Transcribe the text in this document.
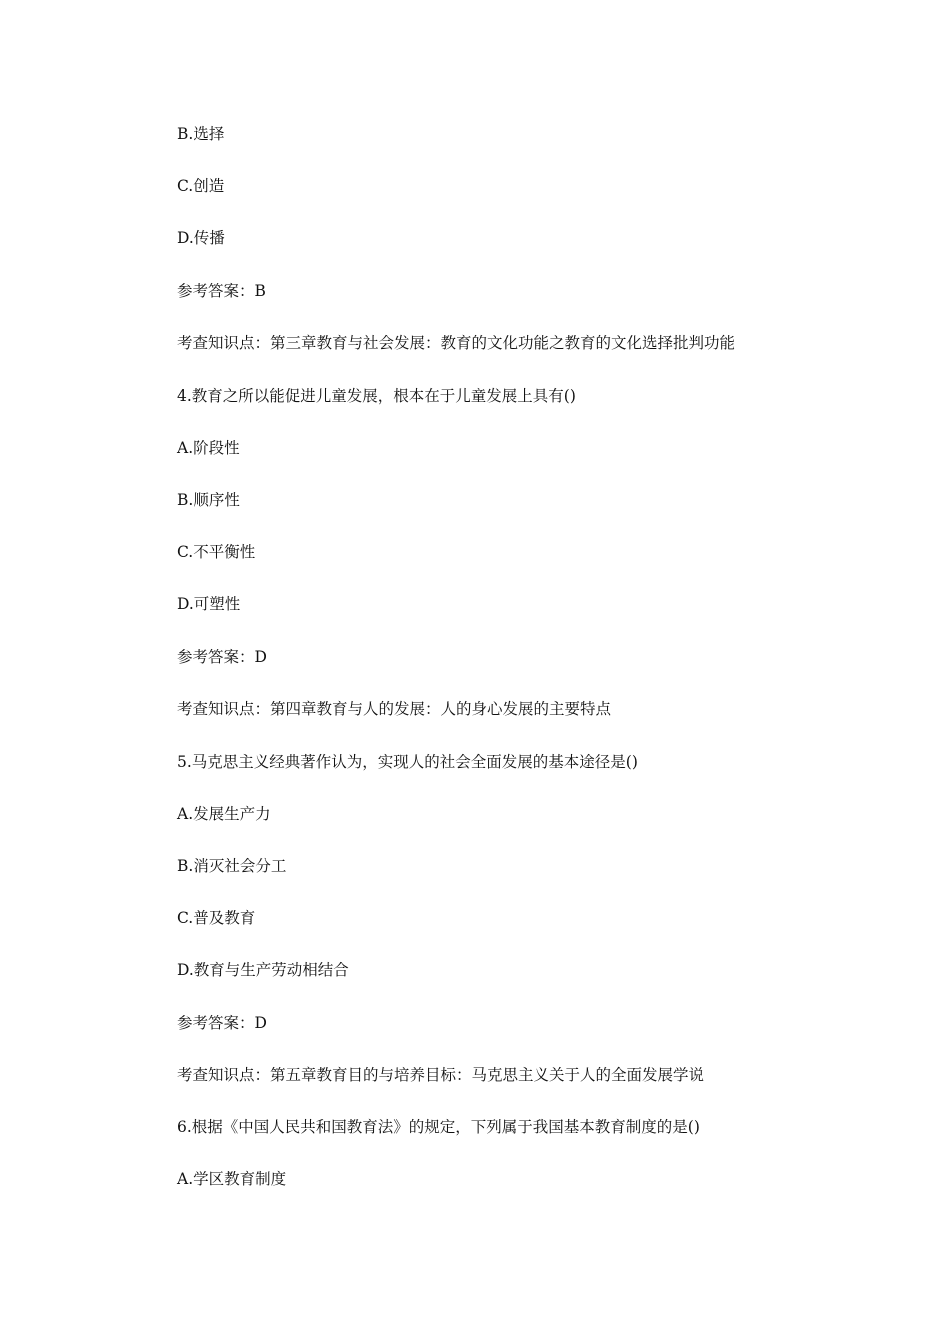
B.选择

C.创造

D.传播

参考答案：B

考查知识点：第三章教育与社会发展：教育的文化功能之教育的文化选择批判功能

4.教育之所以能促进儿童发展，根本在于儿童发展上具有()

A.阶段性

B.顺序性

C.不平衡性

D.可塑性

参考答案：D

考查知识点：第四章教育与人的发展：人的身心发展的主要特点

5.马克思主义经典著作认为，实现人的社会全面发展的基本途径是()

A.发展生产力

B.消灭社会分工

C.普及教育

D.教育与生产劳动相结合

参考答案：D

考查知识点：第五章教育目的与培养目标：马克思主义关于人的全面发展学说

6.根据《中国人民共和国教育法》的规定，下列属于我国基本教育制度的是()

A.学区教育制度
